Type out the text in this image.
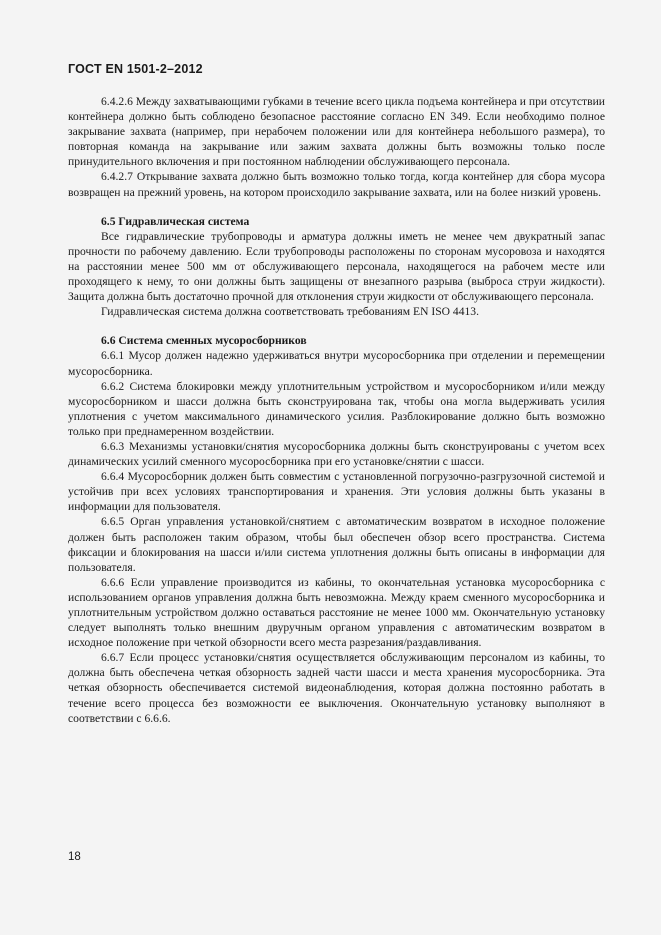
ГОСТ EN 1501-2–2012

6.4.2.6 Между захватывающими губками в течение всего цикла подъема контейнера и при отсутствии контейнера должно быть соблюдено безопасное расстояние согласно EN 349. Если необходимо полное закрывание захвата (например, при нерабочем положении или для контейнера небольшого размера), то повторная команда на закрывание или зажим захвата должны быть возможны только после принудительного включения и при постоянном наблюдении обслуживающего персонала.

6.4.2.7 Открывание захвата должно быть возможно только тогда, когда контейнер для сбора мусора возвращен на прежний уровень, на котором происходило закрывание захвата, или на более низкий уровень.

6.5 Гидравлическая система

Все гидравлические трубопроводы и арматура должны иметь не менее чем двукратный запас прочности по рабочему давлению. Если трубопроводы расположены по сторонам мусоровоза и находятся на расстоянии менее 500 мм от обслуживающего персонала, находящегося на рабочем месте или проходящего к нему, то они должны быть защищены от внезапного разрыва (выброса струи жидкости). Защита должна быть достаточно прочной для отклонения струи жидкости от обслуживающего персонала.

Гидравлическая система должна соответствовать требованиям EN ISO 4413.

6.6 Система сменных мусоросборников

6.6.1 Мусор должен надежно удерживаться внутри мусоросборника при отделении и перемещении мусоросборника.

6.6.2 Система блокировки между уплотнительным устройством и мусоросборником и/или между мусоросборником и шасси должна быть сконструирована так, чтобы она могла выдерживать усилия уплотнения с учетом максимального динамического усилия. Разблокирование должно быть возможно только при преднамеренном воздействии.

6.6.3 Механизмы установки/снятия мусоросборника должны быть сконструированы с учетом всех динамических усилий сменного мусоросборника при его установке/снятии с шасси.

6.6.4 Мусоросборник должен быть совместим с установленной погрузочно-разгрузочной системой и устойчив при всех условиях транспортирования и хранения. Эти условия должны быть указаны в информации для пользователя.

6.6.5 Орган управления установкой/снятием с автоматическим возвратом в исходное положение должен быть расположен таким образом, чтобы был обеспечен обзор всего пространства. Система фиксации и блокирования на шасси и/или система уплотнения должны быть описаны в информации для пользователя.

6.6.6 Если управление производится из кабины, то окончательная установка мусоросборника с использованием органов управления должна быть невозможна. Между краем сменного мусоросборника и уплотнительным устройством должно оставаться расстояние не менее 1000 мм. Окончательную установку следует выполнять только внешним двуручным органом управления с автоматическим возвратом в исходное положение при четкой обзорности всего места разрезания/раздавливания.

6.6.7 Если процесс установки/снятия осуществляется обслуживающим персоналом из кабины, то должна быть обеспечена четкая обзорность задней части шасси и места хранения мусоросборника. Эта четкая обзорность обеспечивается системой видеонаблюдения, которая должна постоянно работать в течение всего процесса без возможности ее выключения. Окончательную установку выполняют в соответствии с 6.6.6.

18
